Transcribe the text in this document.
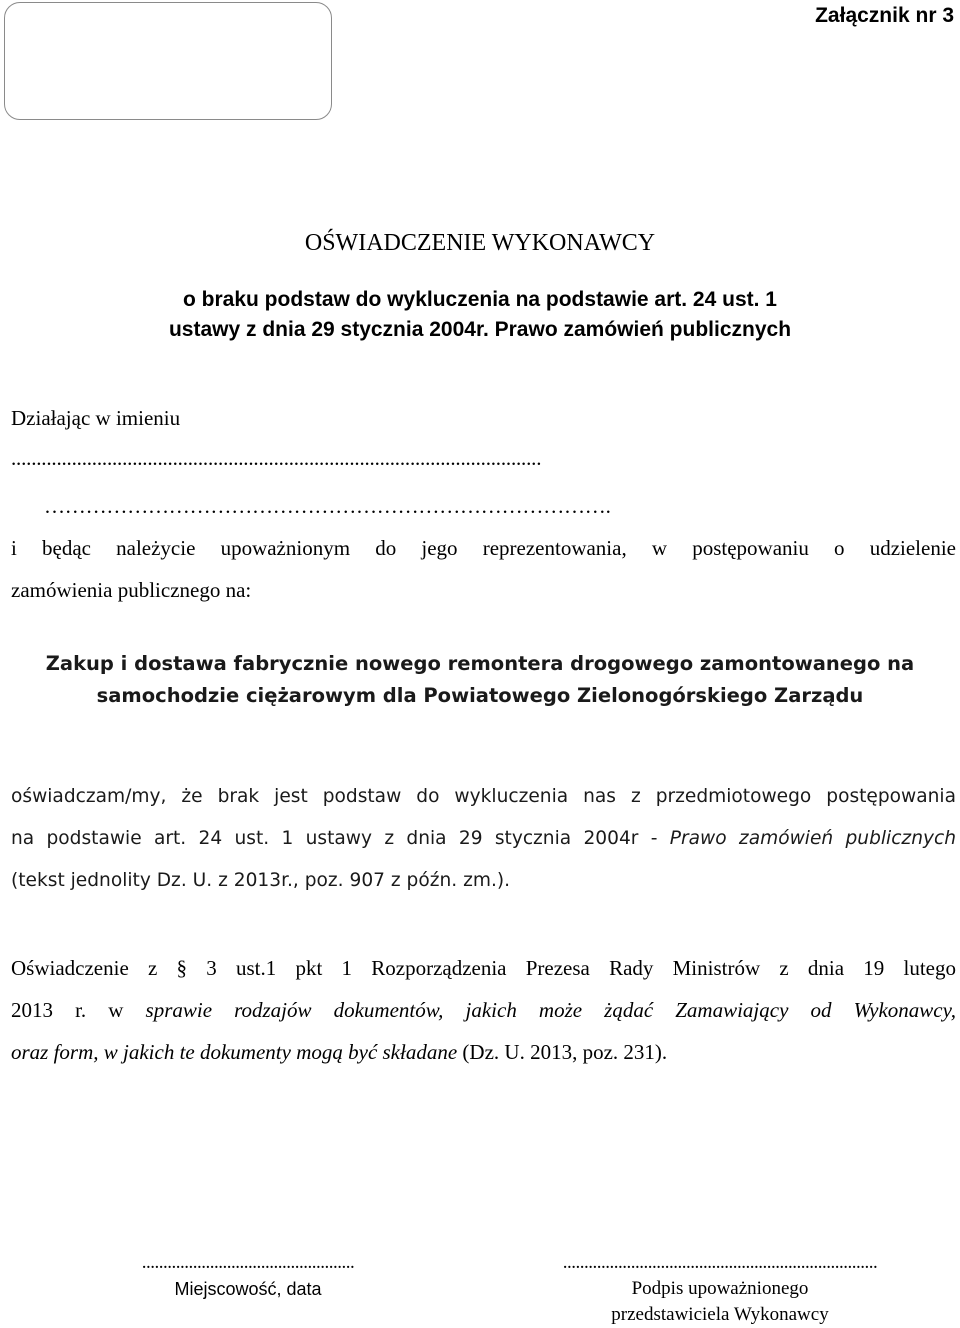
Załącznik nr 3
OŚWIADCZENIE WYKONAWCY
o braku podstaw do wykluczenia na podstawie art. 24 ust. 1
ustawy z dnia 29 stycznia 2004r. Prawo zamówień publicznych
Działając w imieniu
.........................................................................................................
……………………………………………………………………….
i będąc należycie upoważnionym do jego reprezentowania, w postępowaniu o udzielenie
zamówienia publicznego na:
Zakup i dostawa fabrycznie nowego remontera drogowego zamontowanego na
samochodzie ciężarowym dla Powiatowego Zielonogórskiego Zarządu
oświadczam/my, że brak jest podstaw do wykluczenia nas z przedmiotowego postępowania
na podstawie art. 24 ust. 1 ustawy z dnia 29 stycznia 2004r - Prawo zamówień publicznych
(tekst jednolity Dz. U. z 2013r., poz. 907 z późn. zm.).
Oświadczenie z § 3 ust.1 pkt 1 Rozporządzenia Prezesa Rady Ministrów z dnia 19 lutego
2013 r. w sprawie rodzajów dokumentów, jakich może żądać Zamawiający od Wykonawcy,
oraz form, w jakich te dokumenty mogą być składane (Dz. U. 2013, poz. 231).
..................................................
Miejscowość, data
..........................................................................
Podpis upoważnionego
przedstawiciela Wykonawcy
